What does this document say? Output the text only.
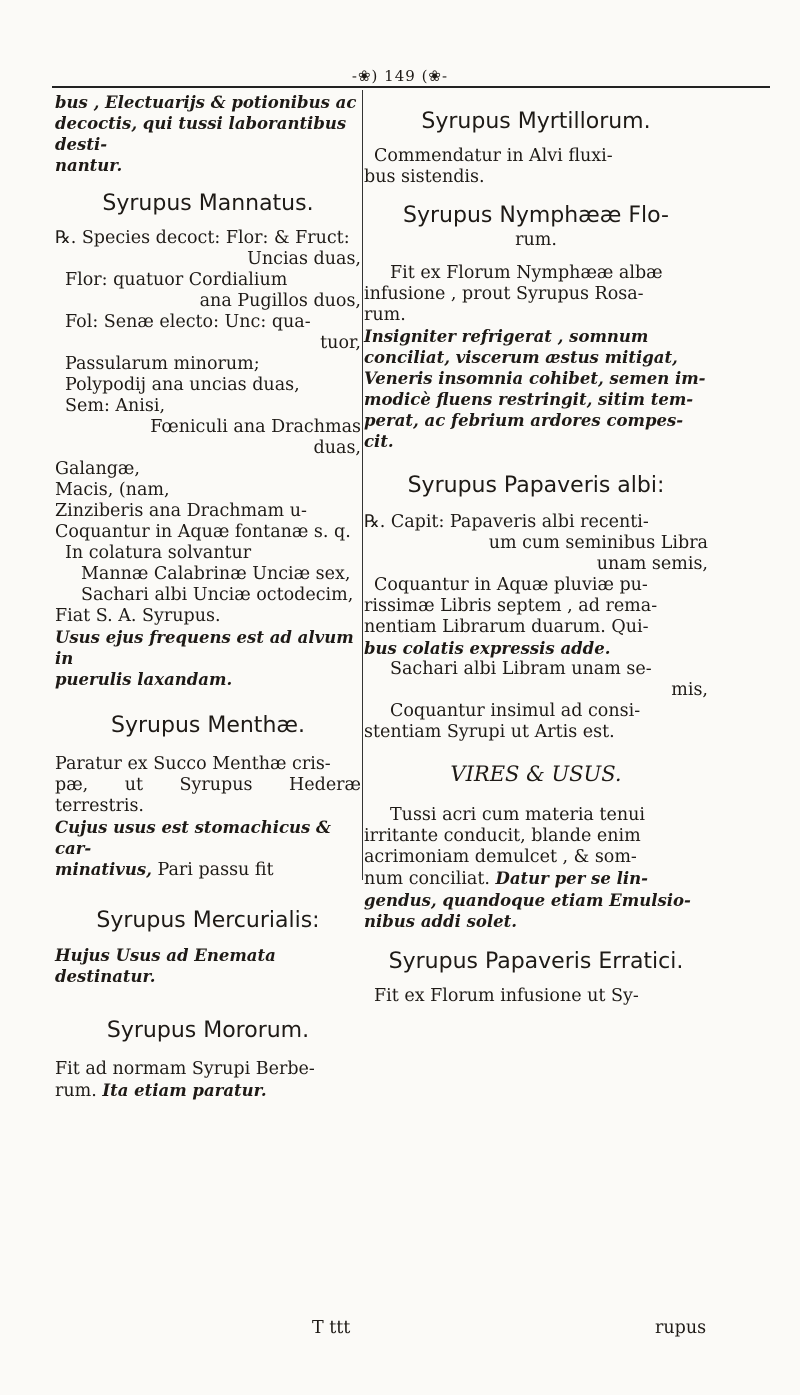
-❀) 149 (❀-

bus , Electuarijs & potionibus ac

decoctis, qui tussi laborantibus desti-

nantur.

Syrupus Mannatus.

℞. Species decoct: Flor: & Fruct:

Uncias duas,

Flor: quatuor Cordialium

ana Pugillos duos,

Fol: Senæ electo: Unc: qua-

tuor,

Passularum minorum;

Polypodij ana uncias duas,

Sem: Anisi,

Fœniculi ana Drachmas

duas,

Galangæ,

Macis, (nam,

Zinziberis ana Drachmam u-

Coquantur in Aquæ fontanæ s. q.

In colatura solvantur

Mannæ Calabrinæ Unciæ sex,

Sachari albi Unciæ octodecim,

Fiat S. A. Syrupus.

Usus ejus frequens est ad alvum in

puerulis laxandam.

Syrupus Menthæ.

Paratur ex Succo Menthæ cris-

pæ, ut Syrupus Hederæ terrestris.

Cujus usus est stomachicus & car-

minativus, Pari passu fit

Syrupus Mercurialis:

Hujus Usus ad Enemata destinatur.

Syrupus Mororum.

Fit ad normam Syrupi Berbe-

rum. Ita etiam paratur.

Syrupus Myrtillorum.

Commendatur in Alvi fluxi-

bus sistendis.

Syrupus Nymphææ Flo-

rum.

Fit ex Florum Nymphææ albæ

infusione , prout Syrupus Rosa-

rum.

Insigniter refrigerat , somnum

conciliat, viscerum æstus mitigat,

Veneris insomnia cohibet, semen im-

modicè fluens restringit, sitim tem-

perat, ac febrium ardores compes-

cit.

Syrupus Papaveris albi:

℞. Capit: Papaveris albi recenti-

um cum seminibus Libra

unam semis,

Coquantur in Aquæ pluviæ pu-

rissimæ Libris septem , ad rema-

nentiam Librarum duarum. Qui-

bus colatis expressis adde.

Sachari albi Libram unam se-

mis,

Coquantur insimul ad consi-

stentiam Syrupi ut Artis est.

VIRES & USUS.

Tussi acri cum materia tenui

irritante conducit, blande enim

acrimoniam demulcet , & som-

num conciliat. Datur per se lin-

gendus, quandoque etiam Emulsio-

nibus addi solet.

Syrupus Papaveris Erratici.

Fit ex Florum infusione ut Sy-

T ttt	rupus
